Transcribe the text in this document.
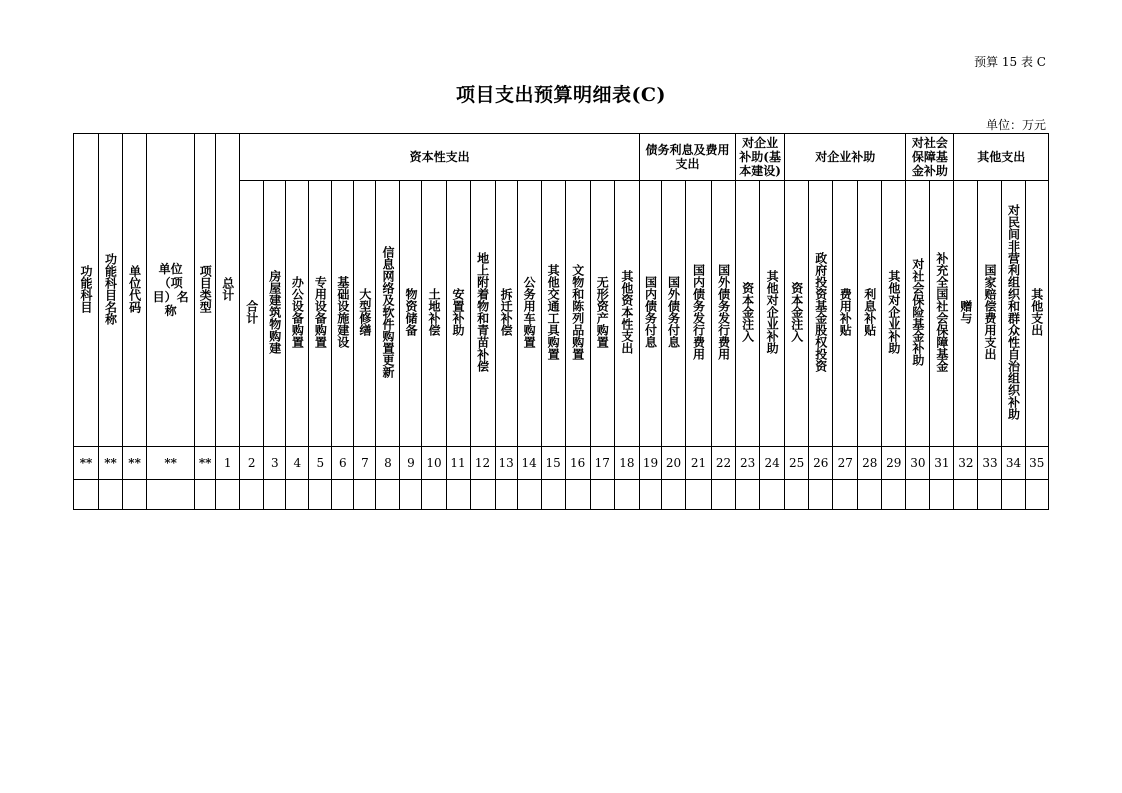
预算 15 表 C
项目支出预算明细表(C)
单位：万元
功能科目	功能科目名称	单位代码	单位（项目）名称	项目类型	总计	资本性支出																	债务利息及费用支出				对企业补助(基本建设)		对企业补助					对社会保障基金补助		其他支出			
						合计	房屋建筑物购建	办公设备购置	专用设备购置	基础设施建设	大型修缮	信息网络及软件购置更新	物资储备	土地补偿	安置补助	地上附着物和青苗补偿	拆迁补偿	公务用车购置	其他交通工具购置	文物和陈列品购置	无形资产购置	其他资本性支出	国内债务付息	国外债务付息	国内债务发行费用	国外债务发行费用	资本金注入	其他对企业补助	资本金注入	政府投资基金股权投资	费用补贴	利息补贴	其他对企业补助	对社会保险基金补助	补充全国社会保障基金	赠与	国家赔偿费用支出	对民间非营利组织和群众性自治组织补助	其他支出
**	**	**	**	**	1	2	3	4	5	6	7	8	9	10	11	12	13	14	15	16	17	18	19	20	21	22	23	24	25	26	27	28	29	30	31	32	33	34	35
